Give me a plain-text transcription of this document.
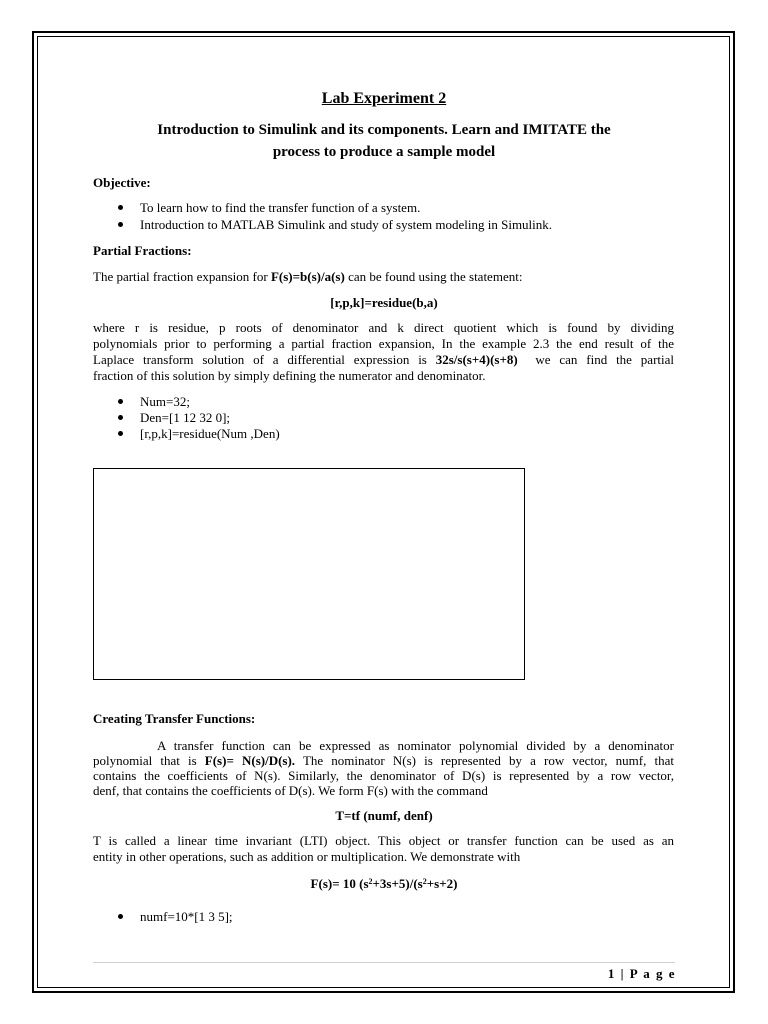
Lab Experiment 2
Introduction to Simulink and its components. Learn and IMITATE the
process to produce a sample model
Objective:
To learn how to find the transfer function of a system.
Introduction to MATLAB Simulink and study of system modeling in Simulink.
Partial Fractions:
The partial fraction expansion for F(s)=b(s)/a(s) can be found using the statement:
[r,p,k]=residue(b,a)
where r is residue, p roots of denominator and k direct quotient which is found by dividing
polynomials prior to performing a partial fraction expansion, In the example 2.3 the end result of the
Laplace transform solution of a differential expression is 32s/s(s+4)(s+8)  we can find the partial
fraction of this solution by simply defining the numerator and denominator.
Num=32;
Den=[1 12 32 0];
[r,p,k]=residue(Num ,Den)
Creating Transfer Functions:
A transfer function can be expressed as nominator polynomial divided by a denominator
polynomial that is F(s)= N(s)/D(s). The nominator N(s) is represented by a row vector, numf, that
contains the coefficients of N(s). Similarly, the denominator of D(s) is represented by a row vector,
denf, that contains the coefficients of D(s). We form F(s) with the command
T=tf (numf, denf)
T is called a linear time invariant (LTI) object. This object or transfer function can be used as an
entity in other operations, such as addition or multiplication. We demonstrate with
F(s)= 10 $(s^2+3s+5)/(s^2+s+2)$
numf=10*[1 3 5];
1 | P a g e
